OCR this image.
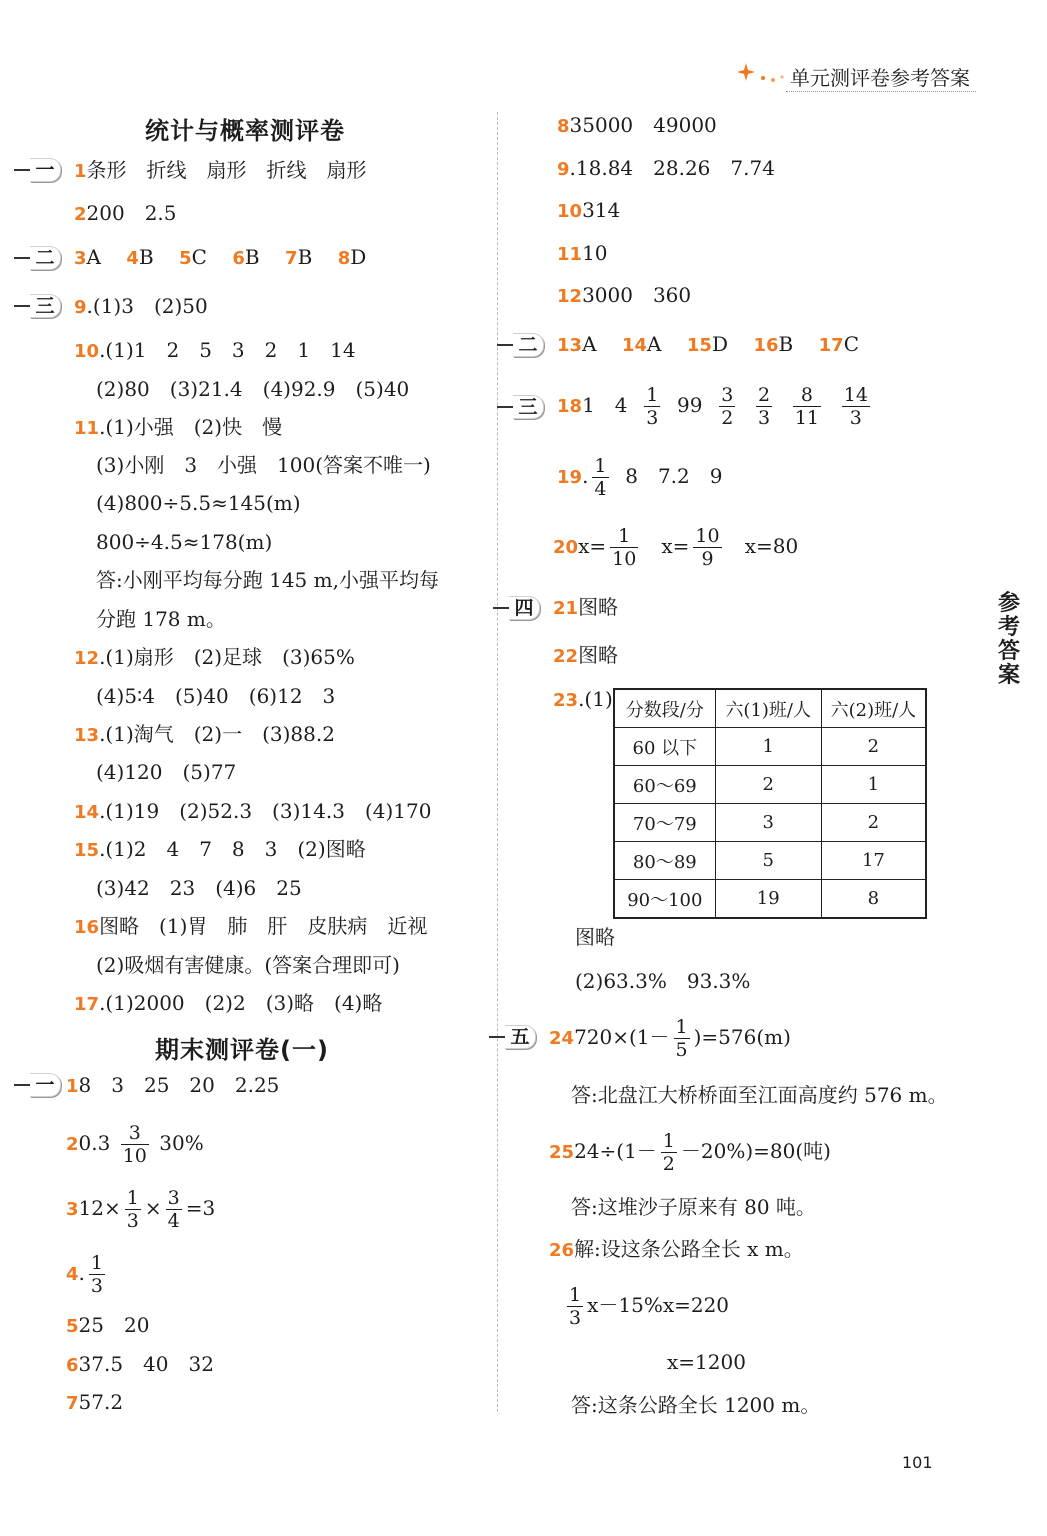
单元测评卷参考答案
参考答案
统计与概率测评卷
一	1条形　折线　扇形　折线　扇形
2200　2.5
二	3A 4B 5C 6B 7B 8D
三	9.(1)3　(2)50
10.(1)1　2　5　3　2　1　14
(2)80　(3)21.4　(4)92.9　(5)40
11.(1)小强　(2)快　慢
(3)小刚　3　小强　100(答案不唯一)
(4)800÷5.5≈145(m)
800÷4.5≈178(m)
答:小刚平均每分跑 145 m,小强平均每
分跑 178 m。
12.(1)扇形　(2)足球　(3)65%
(4)5∶4　(5)40　(6)12　3
13.(1)淘气　(2)一　(3)88.2
(4)120　(5)77
14.(1)19　(2)52.3　(3)14.3　(4)170
15.(1)2　4　7　8　3　(2)图略
(3)42　23　(4)6　25
16图略　(1)胃　肺　肝　皮肤病　近视
(2)吸烟有害健康。(答案合理即可)
17.(1)2000　(2)2　(3)略　(4)略
期末测评卷(一)
一 18　3　25　20　2.25
$20.3 \frac{3}{10} 30\%$
$312\times \frac{1}{3} \times \frac{3}{4} =3$
4. $\frac{1}{3}$
525　20
637.5　40　32
757.2
835000　49000
9.18.84　28.26　7.74
10314
1110
123000　360
二	13A 14A 15D 16B 17C
三	181　$4 \frac{1}{3} 99 \frac{3}{2}$
$\frac{2}{3}$
$\frac{8}{11}$
$\frac{14}{3}$
19. $\frac{1}{4} 8$　7.2　9
$20x= \frac{1}{10} x= \frac{10}{9} x=80$
四	21图略
22图略
23.(1) 分数段/分	六(1)班/人	六(2)班/人
60 以下	1	2
60～69	2	1
70～79	3	2
80～89	5	17
90～100	19	8
图略
(2)63.3%　93.3%
五	$24720\times(1- \frac{1}{5} )=576(m)$
答:北盘江大桥桥面至江面高度约 576 m。
$2524\div(1- \frac{1}{2} -20\%)=80$(吨)
答:这堆沙子原来有 80 吨。
26解:设这条公路全长 x m。
$\frac{1}{3} x-15\%x=220$
x=1200
答:这条公路全长 1200 m。
101
